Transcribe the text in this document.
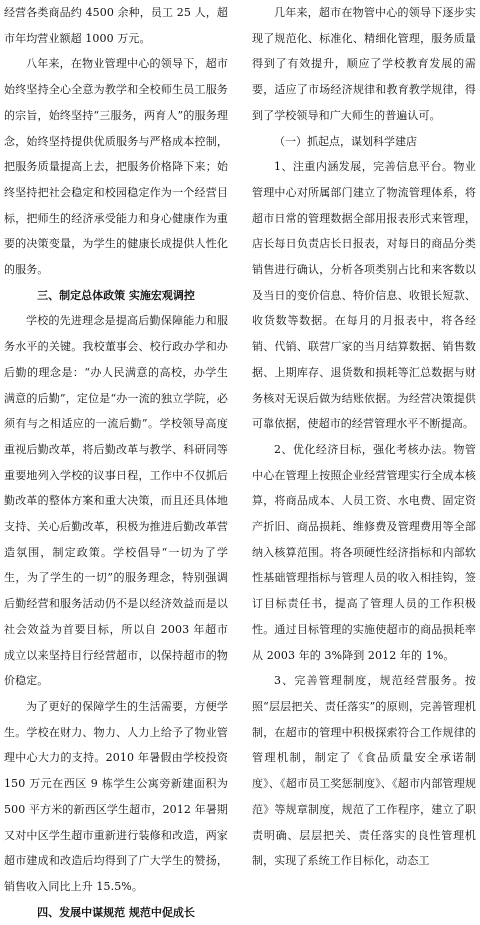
经营各类商品约 4500 余种，员工 25 人，超市年均营业额超 1000 万元。

八年来，在物业管理中心的领导下，超市始终坚持全心全意为教学和全校师生员工服务的宗旨，始终坚持“三服务，两育人”的服务理念，始终坚持提供优质服务与严格成本控制，把服务质量提高上去，把服务价格降下来；始终坚持把社会稳定和校园稳定作为一个经营目标，把师生的经济承受能力和身心健康作为重要的决策变量，为学生的健康长成提供人性化的服务。

三、制定总体政策 实施宏观调控

学校的先进理念是提高后勤保障能力和服务水平的关键。我校董事会、校行政办学和办后勤的理念是：“办人民满意的高校，办学生满意的后勤”，定位是“办一流的独立学院，必须有与之相适应的一流后勤”。学校领导高度重视后勤改革，将后勤改革与教学、科研同等重要地列入学校的议事日程，工作中不仅抓后勤改革的整体方案和重大决策，而且还具体地支持、关心后勤改革，积极为推进后勤改革营造氛围，制定政策。学校倡导“一切为了学生，为了学生的一切”的服务理念，特别强调后勤经营和服务活动仍不是以经济效益而是以社会效益为首要目标，所以自 2003 年超市成立以来坚持目行经营超市，以保持超市的物价稳定。

为了更好的保障学生的生活需要，方便学生。学校在财力、物力、人力上给予了物业管理中心大力的支持。2010 年暑假由学校投资 150 万元在西区 9 栋学生公寓旁新建面积为 500 平方米的新西区学生超市，2012 年暑期又对中区学生超市重新进行装修和改造，两家超市建成和改造后均得到了广大学生的赞扬，销售收入同比上升 15.5%。

四、发展中谋规范 规范中促成长

几年来，超市在物管中心的领导下逐步实现了规范化、标准化、精细化管理，服务质量得到了有效提升，顺应了学校教育发展的需要，适应了市场经济规律和教育教学规律，得到了学校领导和广大师生的普遍认可。

（一）抓起点，谋划科学建店

1、注重内涵发展，完善信息平台。物业管理中心对所属部门建立了物流管理体系，将超市日常的管理数据全部用报表形式来管理，店长每日负责店长日报表，对每日的商品分类销售进行确认，分析各项类别占比和来客数以及当日的变价信息、特价信息、收银长短款、收货数等数据。在每月的月报表中，将各经销、代销、联营厂家的当月结算数据、销售数据、上期库存、退货数和损耗等汇总数据与财务核对无误后做为结账依据。为经营决策提供可靠依据，使超市的经营管理水平不断提高。

2、优化经济目标，强化考核办法。物管中心在管理上按照企业经营管理实行全成本核算，将商品成本、人员工资、水电费、固定资产折旧、商品损耗、维修费及管理费用等全部纳入核算范围。将各项硬性经济指标和内部软性基础管理指标与管理人员的收入相挂钩，签订目标责任书，提高了管理人员的工作积极性。通过目标管理的实施使超市的商品损耗率从 2003 年的 3%降到 2012 年的 1%。

3、完善管理制度，规范经营服务。按照“层层把关、责任落实”的原则，完善管理机制，在超市的管理中积极探索符合工作规律的管理机制，制定了《食品质量安全承诺制度》、《超市员工奖惩制度》、《超市内部管理规范》等规章制度，规范了工作程序，建立了职责明确、层层把关、责任落实的良性管理机制，实现了系统工作目标化，动态工
